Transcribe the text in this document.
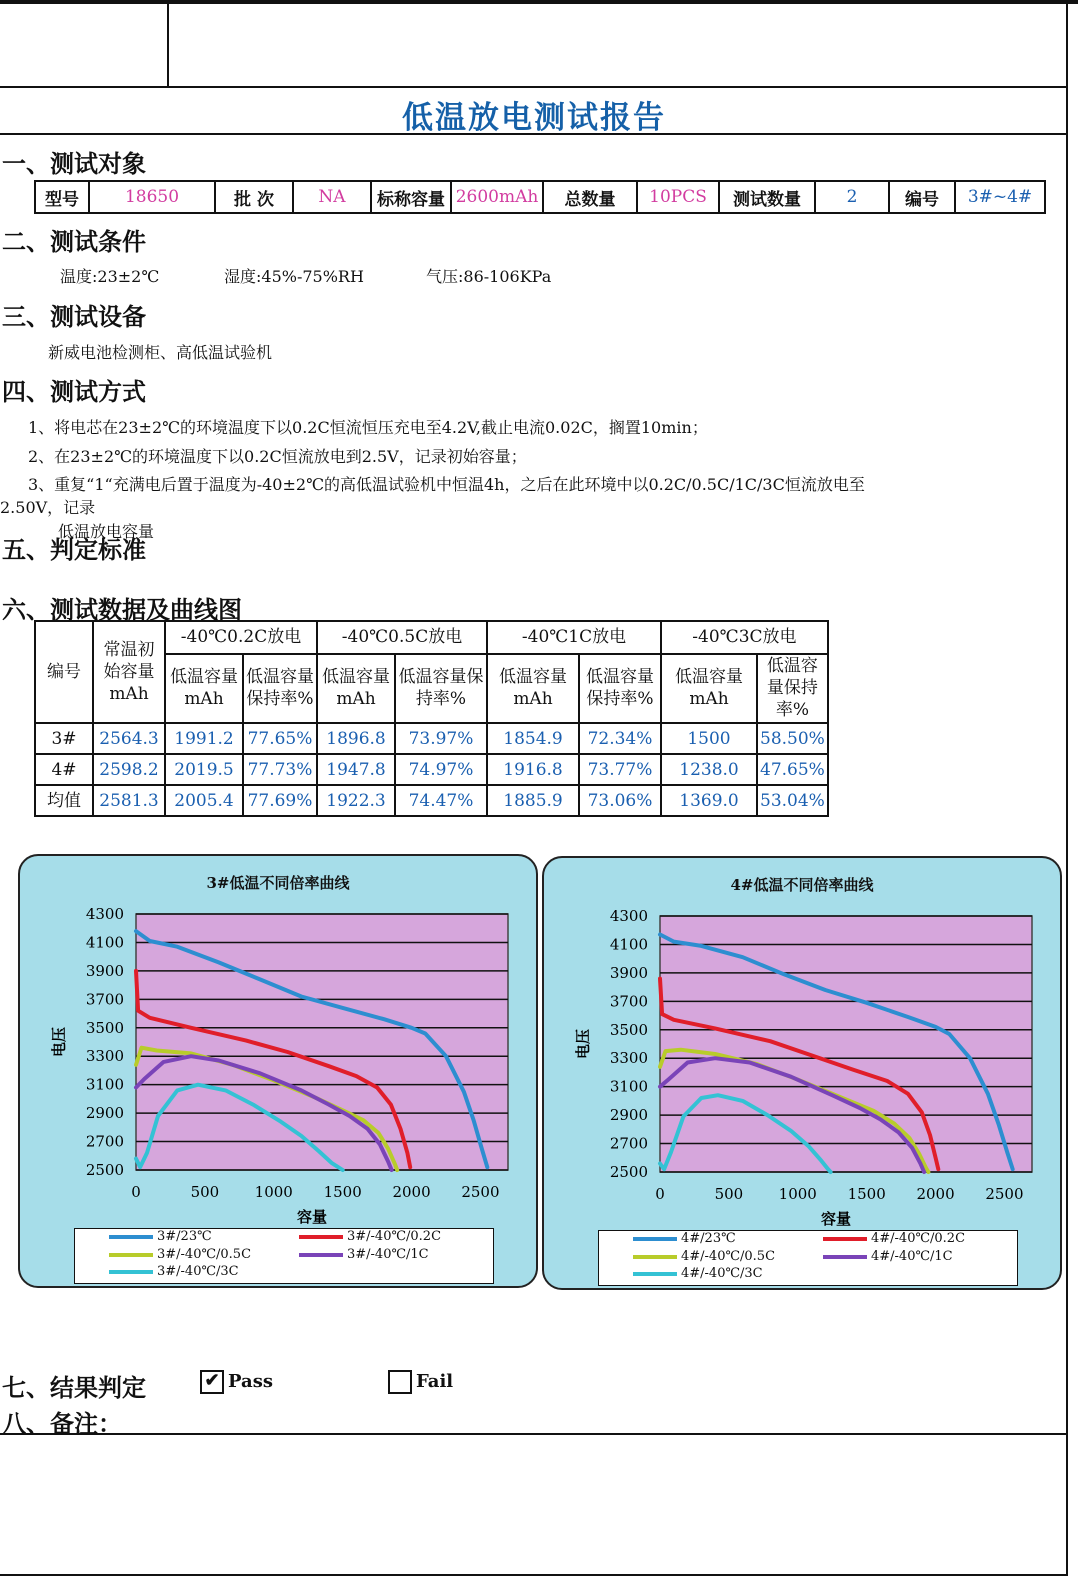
低温放电测试报告
一、测试对象
型号	18650	批 次	NA	标称容量	2600mAh	总数量	10PCS	测试数量	2	编号	3#~4#
二、测试条件
温度:23±2℃	湿度:45%-75%RH	气压:86-106KPa
三、测试设备
新威电池检测柜、高低温试验机
四、测试方式
1、将电芯在23±2℃的环境温度下以0.2C恒流恒压充电至4.2V,截止电流0.02C，搁置10min；
2、在23±2℃的环境温度下以0.2C恒流放电到2.5V，记录初始容量；
3、重复“1“充满电后置于温度为-40±2℃的高低温试验机中恒温4h，之后在此环境中以0.2C/0.5C/1C/3C恒流放电至
2.50V，记录
低温放电容量
五、判定标准
六、测试数据及曲线图
编号	常温初始容量mAh	-40℃0.2C放电		-40℃0.5C放电		-40℃1C放电		-40℃3C放电	
		低温容量mAh	低温容量保持率%	低温容量mAh	低温容量保持率%	低温容量mAh	低温容量保持率%	低温容量mAh	低温容量保持率%
3#	2564.3	1991.2	77.65%	1896.8	73.97%	1854.9	72.34%	1500	58.50%
4#	2598.2	2019.5	77.73%	1947.8	74.97%	1916.8	73.77%	1238.0	47.65%
均值	2581.3	2005.4	77.69%	1922.3	74.47%	1885.9	73.06%	1369.0	53.04%
3#低温不同倍率曲线
4300
4100
3900
3700
3500
3300
3100
2900
2700
2500
0	500 1000 1500 2000 2500
容量
电压
3#/23℃	3#/-40℃/0.2C
3#/-40℃/0.5C	3#/-40℃/1C
3#/-40℃/3C
4#低温不同倍率曲线
4300
4100
3900
3700
3500
3300
3100
2900
2700
2500
0	500 1000 1500 2000 2500
容量
电压
4#/23℃	4#/-40℃/0.2C
4#/-40℃/0.5C	4#/-40℃/1C
4#/-40℃/3C
七、结果判定	✔ Pass	Fail
八、备注：
